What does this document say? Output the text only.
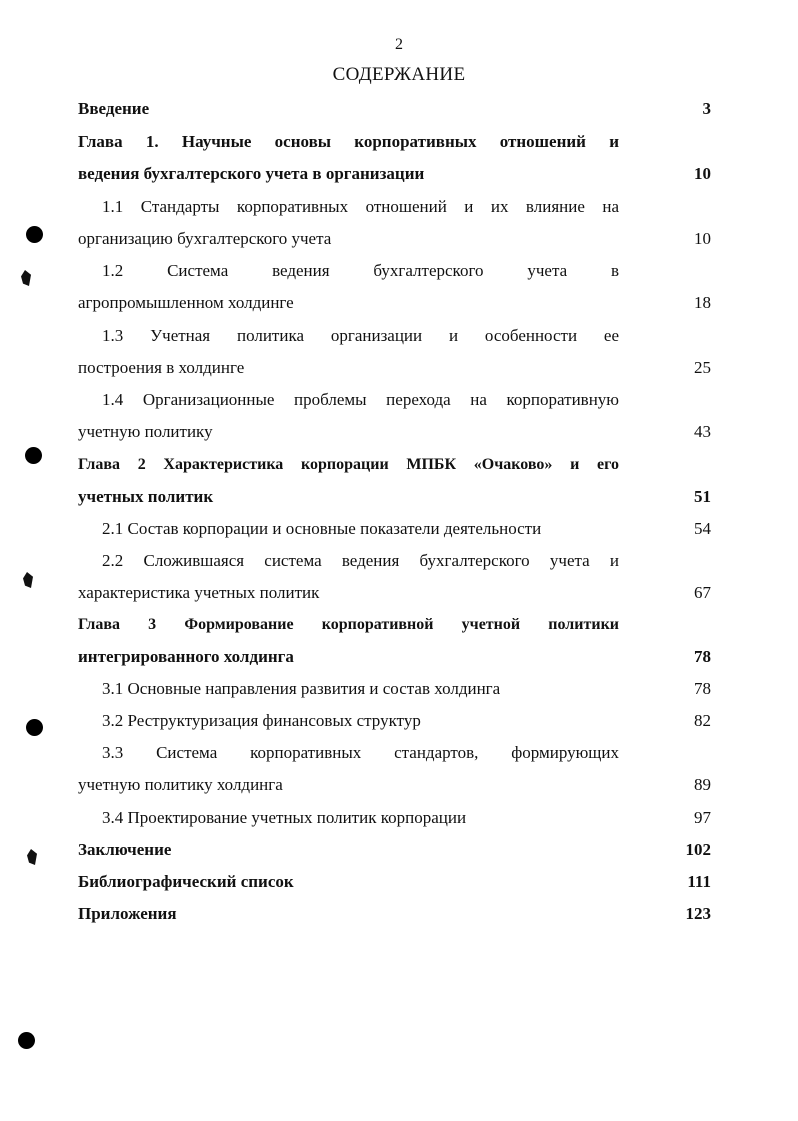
2
СОДЕРЖАНИЕ
Введение	3
Глава 1. Научные основы корпоративных отношений и
ведения бухгалтерского учета в организации	10
1.1 Стандарты корпоративных отношений и их влияние на
организацию бухгалтерского учета	10
1.2 Система ведения бухгалтерского учета в
агропромышленном холдинге	18
1.3 Учетная политика организации и особенности ее
построения в холдинге	25
1.4 Организационные проблемы перехода на корпоративную
учетную политику	43
Глава 2 Характеристика корпорации МПБК «Очаково» и его
учетных политик	51
2.1 Состав корпорации и основные показатели деятельности	54
2.2 Сложившаяся система ведения бухгалтерского учета и
характеристика учетных политик	67
Глава 3 Формирование корпоративной учетной политики
интегрированного холдинга	78
3.1 Основные направления развития и состав холдинга	78
3.2 Реструктуризация финансовых структур	82
3.3 Система корпоративных стандартов, формирующих
учетную политику холдинга	89
3.4 Проектирование учетных политик корпорации	97
Заключение	102
Библиографический список	111
Приложения	123
